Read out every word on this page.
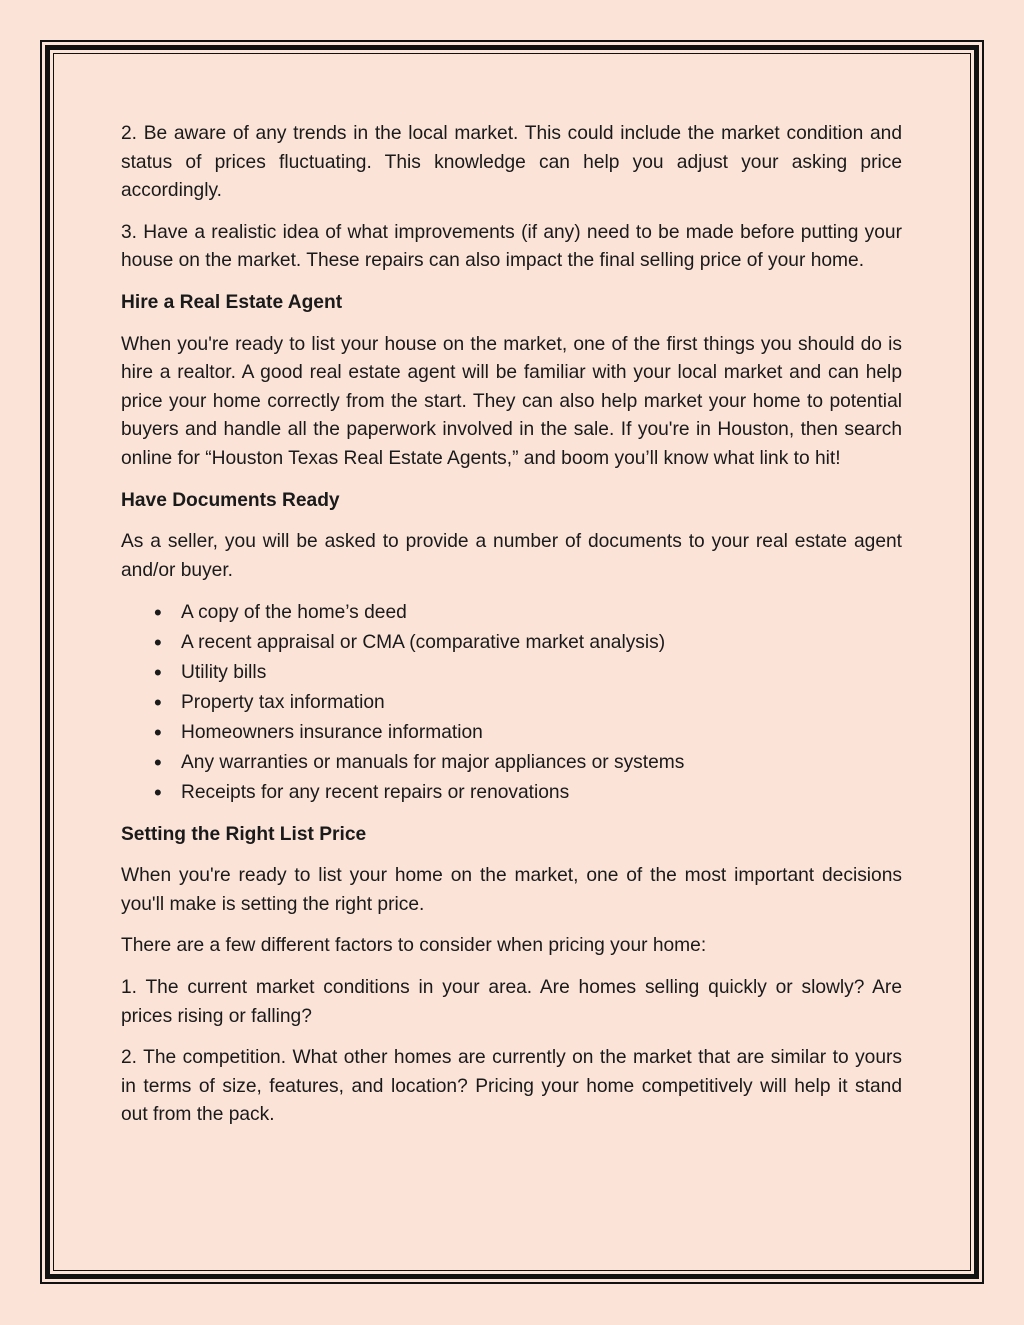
2. Be aware of any trends in the local market. This could include the market condition and status of prices fluctuating. This knowledge can help you adjust your asking price accordingly.

3. Have a realistic idea of what improvements (if any) need to be made before putting your house on the market. These repairs can also impact the final selling price of your home.

Hire a Real Estate Agent

When you're ready to list your house on the market, one of the first things you should do is hire a realtor. A good real estate agent will be familiar with your local market and can help price your home correctly from the start. They can also help market your home to potential buyers and handle all the paperwork involved in the sale. If you're in Houston, then search online for “Houston Texas Real Estate Agents,” and boom you’ll know what link to hit!

Have Documents Ready

As a seller, you will be asked to provide a number of documents to your real estate agent and/or buyer.

•
A copy of the home’s deed
•
A recent appraisal or CMA (comparative market analysis)
•
Utility bills
•
Property tax information
•
Homeowners insurance information
•
Any warranties or manuals for major appliances or systems
•
Receipts for any recent repairs or renovations
Setting the Right List Price

When you're ready to list your home on the market, one of the most important decisions you'll make is setting the right price.

There are a few different factors to consider when pricing your home:

1. The current market conditions in your area. Are homes selling quickly or slowly? Are prices rising or falling?

2. The competition. What other homes are currently on the market that are similar to yours in terms of size, features, and location? Pricing your home competitively will help it stand out from the pack.
